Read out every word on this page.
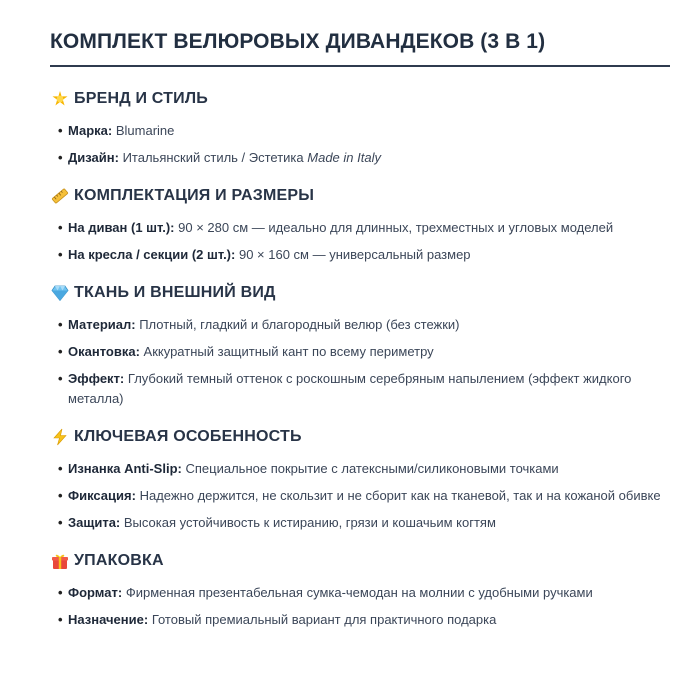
КОМПЛЕКТ ВЕЛЮРОВЫХ ДИВАНДЕКОВ (3 В 1)
БРЕНД И СТИЛЬ
• Марка: Blumarine
• Дизайн: Итальянский стиль / Эстетика Made in Italy
КОМПЛЕКТАЦИЯ И РАЗМЕРЫ
• На диван (1 шт.): 90 × 280 см — идеально для длинных, трехместных и угловых моделей
• На кресла / секции (2 шт.): 90 × 160 см — универсальный размер
ТКАНЬ И ВНЕШНИЙ ВИД
• Материал: Плотный, гладкий и благородный велюр (без стежки)
• Окантовка: Аккуратный защитный кант по всему периметру
• Эффект: Глубокий темный оттенок с роскошным серебряным напылением (эффект жидкого металла)
КЛЮЧЕВАЯ ОСОБЕННОСТЬ
• Изнанка Anti-Slip: Специальное покрытие с латексными/силиконовыми точками
• Фиксация: Надежно держится, не скользит и не сборит как на тканевой, так и на кожаной обивке
• Защита: Высокая устойчивость к истиранию, грязи и кошачьим когтям
УПАКОВКА
• Формат: Фирменная презентабельная сумка-чемодан на молнии с удобными ручками
• Назначение: Готовый премиальный вариант для практичного подарка
